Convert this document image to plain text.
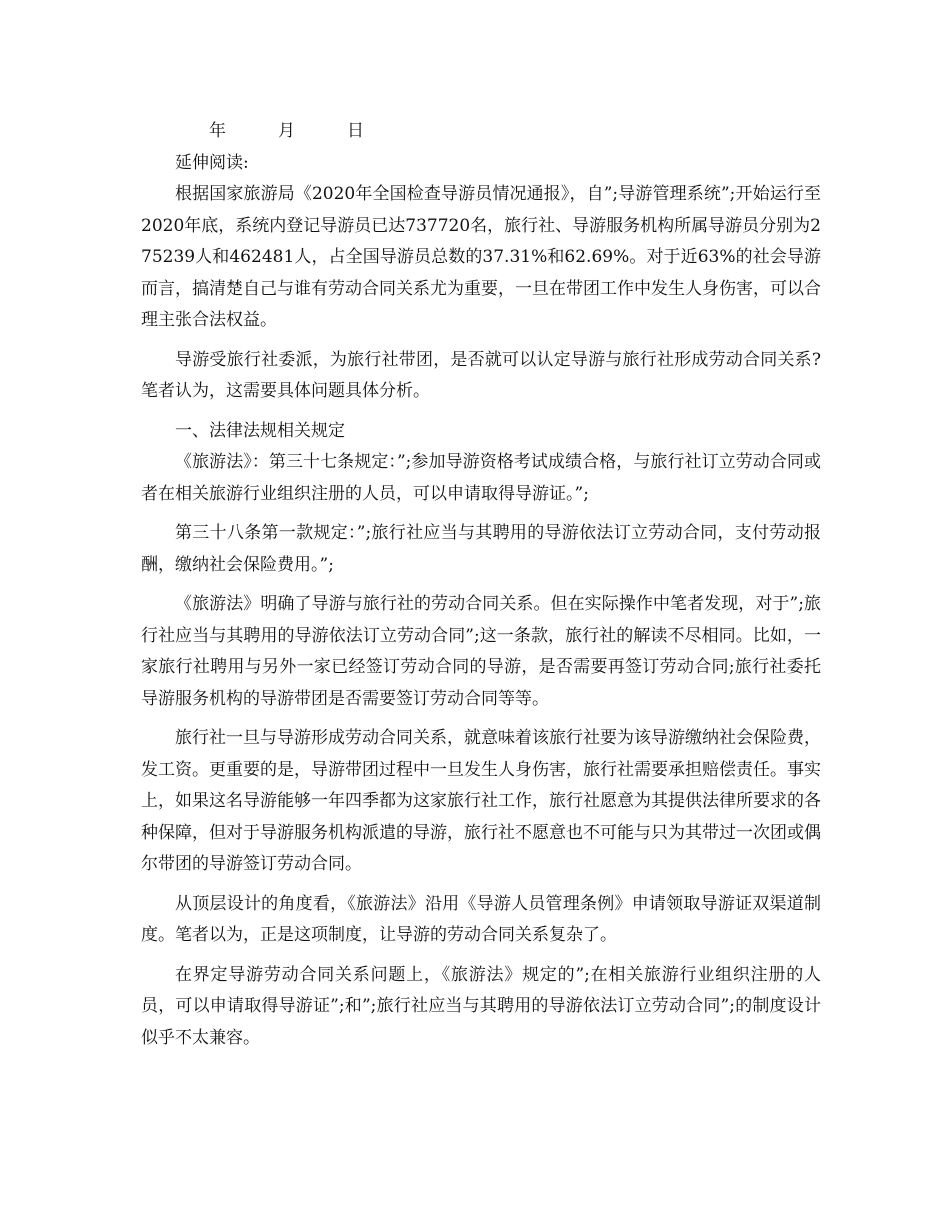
年	月	日

延伸阅读:

根据国家旅游局《2020年全国检查导游员情况通报》，自”;导游管理系统”;开始运行至2020年底，系统内登记导游员已达737720名，旅行社、导游服务机构所属导游员分别为275239人和462481人，占全国导游员总数的37.31%和62.69%。对于近63%的社会导游而言，搞清楚自己与谁有劳动合同关系尤为重要，一旦在带团工作中发生人身伤害，可以合理主张合法权益。

导游受旅行社委派，为旅行社带团，是否就可以认定导游与旅行社形成劳动合同关系?笔者认为，这需要具体问题具体分析。

一、法律法规相关规定

《旅游法》：第三十七条规定：”;参加导游资格考试成绩合格，与旅行社订立劳动合同或者在相关旅游行业组织注册的人员，可以申请取得导游证。”;

第三十八条第一款规定：”;旅行社应当与其聘用的导游依法订立劳动合同，支付劳动报酬，缴纳社会保险费用。”;

《旅游法》明确了导游与旅行社的劳动合同关系。但在实际操作中笔者发现，对于”;旅行社应当与其聘用的导游依法订立劳动合同”;这一条款，旅行社的解读不尽相同。比如，一家旅行社聘用与另外一家已经签订劳动合同的导游，是否需要再签订劳动合同;旅行社委托导游服务机构的导游带团是否需要签订劳动合同等等。

旅行社一旦与导游形成劳动合同关系，就意味着该旅行社要为该导游缴纳社会保险费，发工资。更重要的是，导游带团过程中一旦发生人身伤害，旅行社需要承担赔偿责任。事实上，如果这名导游能够一年四季都为这家旅行社工作，旅行社愿意为其提供法律所要求的各种保障，但对于导游服务机构派遣的导游，旅行社不愿意也不可能与只为其带过一次团或偶尔带团的导游签订劳动合同。

从顶层设计的角度看，《旅游法》沿用《导游人员管理条例》申请领取导游证双渠道制度。笔者以为，正是这项制度，让导游的劳动合同关系复杂了。

在界定导游劳动合同关系问题上，《旅游法》规定的”;在相关旅游行业组织注册的人员，可以申请取得导游证”;和”;旅行社应当与其聘用的导游依法订立劳动合同”;的制度设计似乎不太兼容。
